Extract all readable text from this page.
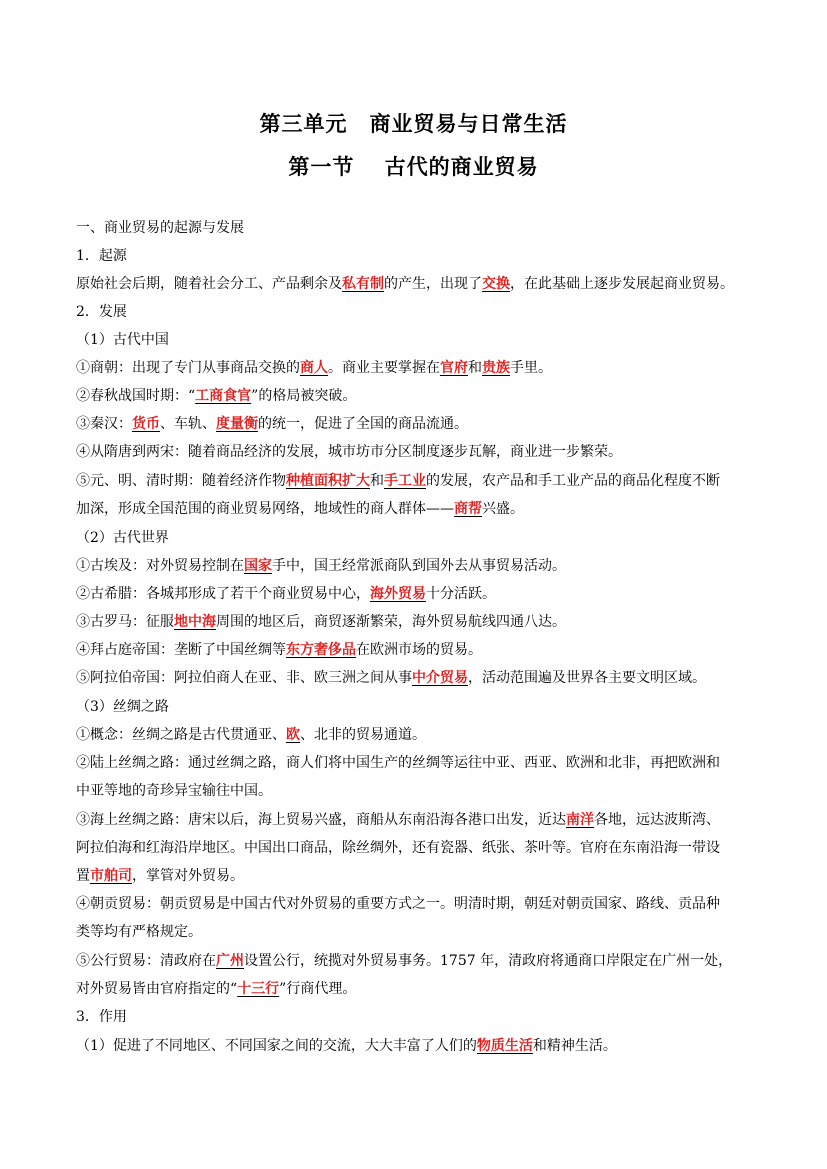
第三单元　商业贸易与日常生活
第一节　 古代的商业贸易
一、商业贸易的起源与发展
1．起源
原始社会后期，随着社会分工、产品剩余及私有制的产生，出现了交换，在此基础上逐步发展起商业贸易。
2．发展
（1）古代中国
①商朝：出现了专门从事商品交换的商人。商业主要掌握在官府和贵族手里。
②春秋战国时期：“工商食官”的格局被突破。
③秦汉：货币、车轨、度量衡的统一，促进了全国的商品流通。
④从隋唐到两宋：随着商品经济的发展，城市坊市分区制度逐步瓦解，商业进一步繁荣。
⑤元、明、清时期：随着经济作物种植面积扩大和手工业的发展，农产品和手工业产品的商品化程度不断
加深，形成全国范围的商业贸易网络，地域性的商人群体——商帮兴盛。
（2）古代世界
①古埃及：对外贸易控制在国家手中，国王经常派商队到国外去从事贸易活动。
②古希腊：各城邦形成了若干个商业贸易中心，海外贸易十分活跃。
③古罗马：征服地中海周围的地区后，商贸逐渐繁荣，海外贸易航线四通八达。
④拜占庭帝国：垄断了中国丝绸等东方奢侈品在欧洲市场的贸易。
⑤阿拉伯帝国：阿拉伯商人在亚、非、欧三洲之间从事中介贸易，活动范围遍及世界各主要文明区域。
（3）丝绸之路
①概念：丝绸之路是古代贯通亚、欧、北非的贸易通道。
②陆上丝绸之路：通过丝绸之路，商人们将中国生产的丝绸等运往中亚、西亚、欧洲和北非，再把欧洲和
中亚等地的奇珍异宝输往中国。
③海上丝绸之路：唐宋以后，海上贸易兴盛，商船从东南沿海各港口出发，近达南洋各地，远达波斯湾、
阿拉伯海和红海沿岸地区。中国出口商品，除丝绸外，还有瓷器、纸张、茶叶等。官府在东南沿海一带设
置市舶司，掌管对外贸易。
④朝贡贸易：朝贡贸易是中国古代对外贸易的重要方式之一。明清时期，朝廷对朝贡国家、路线、贡品种
类等均有严格规定。
⑤公行贸易：清政府在广州设置公行，统揽对外贸易事务。1757 年，清政府将通商口岸限定在广州一处，
对外贸易皆由官府指定的“十三行”行商代理。
3．作用
（1）促进了不同地区、不同国家之间的交流，大大丰富了人们的物质生活和精神生活。
